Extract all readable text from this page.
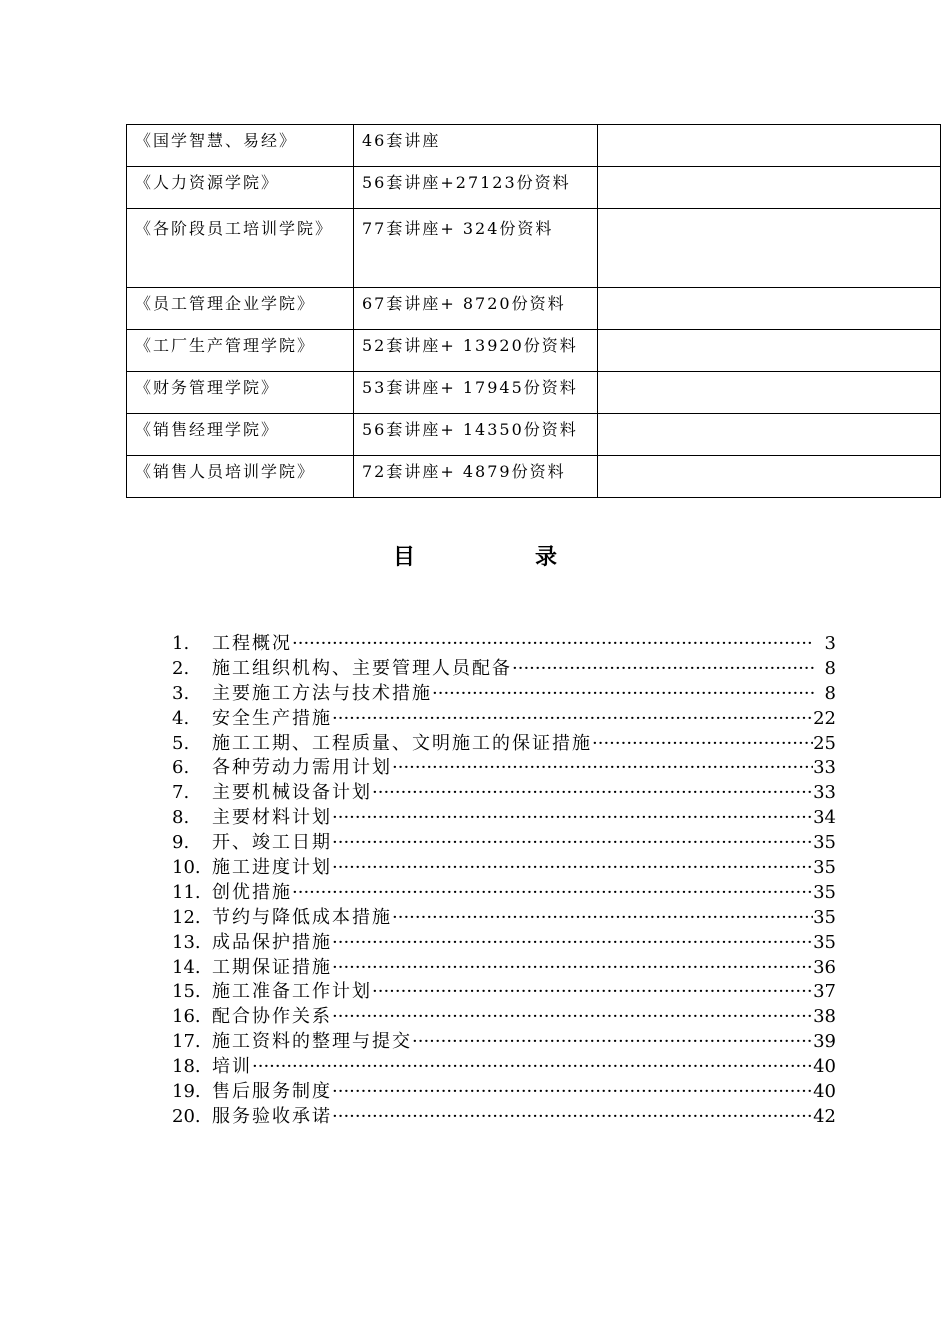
《国学智慧、易经》	46套讲座	
《人力资源学院》	56套讲座+27123份资料	
《各阶段员工培训学院》	77套讲座+ 324份资料	
《员工管理企业学院》	67套讲座+ 8720份资料	
《工厂生产管理学院》	52套讲座+ 13920份资料	
《财务管理学院》	53套讲座+ 17945份资料	
《销售经理学院》	56套讲座+ 14350份资料	
《销售人员培训学院》	72套讲座+ 4879份资料	
目	录
1.	工程概况 ·····	3
2.	施工组织机构、主要管理人员配备 ·····	8
3.	主要施工方法与技术措施 ·····	8
4.	安全生产措施 ·····	22
5.	施工工期、工程质量、文明施工的保证措施 ·····	25
6.	各种劳动力需用计划 ·····	33
7.	主要机械设备计划 ·····	33
8.	主要材料计划 ·····	34
9.	开、竣工日期 ·····	35
10. 施工进度计划 ·····	35
11. 创优措施 ·····	35
12. 节约与降低成本措施 ·····	35
13. 成品保护措施 ·····	35
14. 工期保证措施 ·····	36
15. 施工准备工作计划 ·····	37
16. 配合协作关系 ·····	38
17. 施工资料的整理与提交 ·····	39
18. 培训 ·····	40
19. 售后服务制度 ·····	40
20. 服务验收承诺 ·····	42
